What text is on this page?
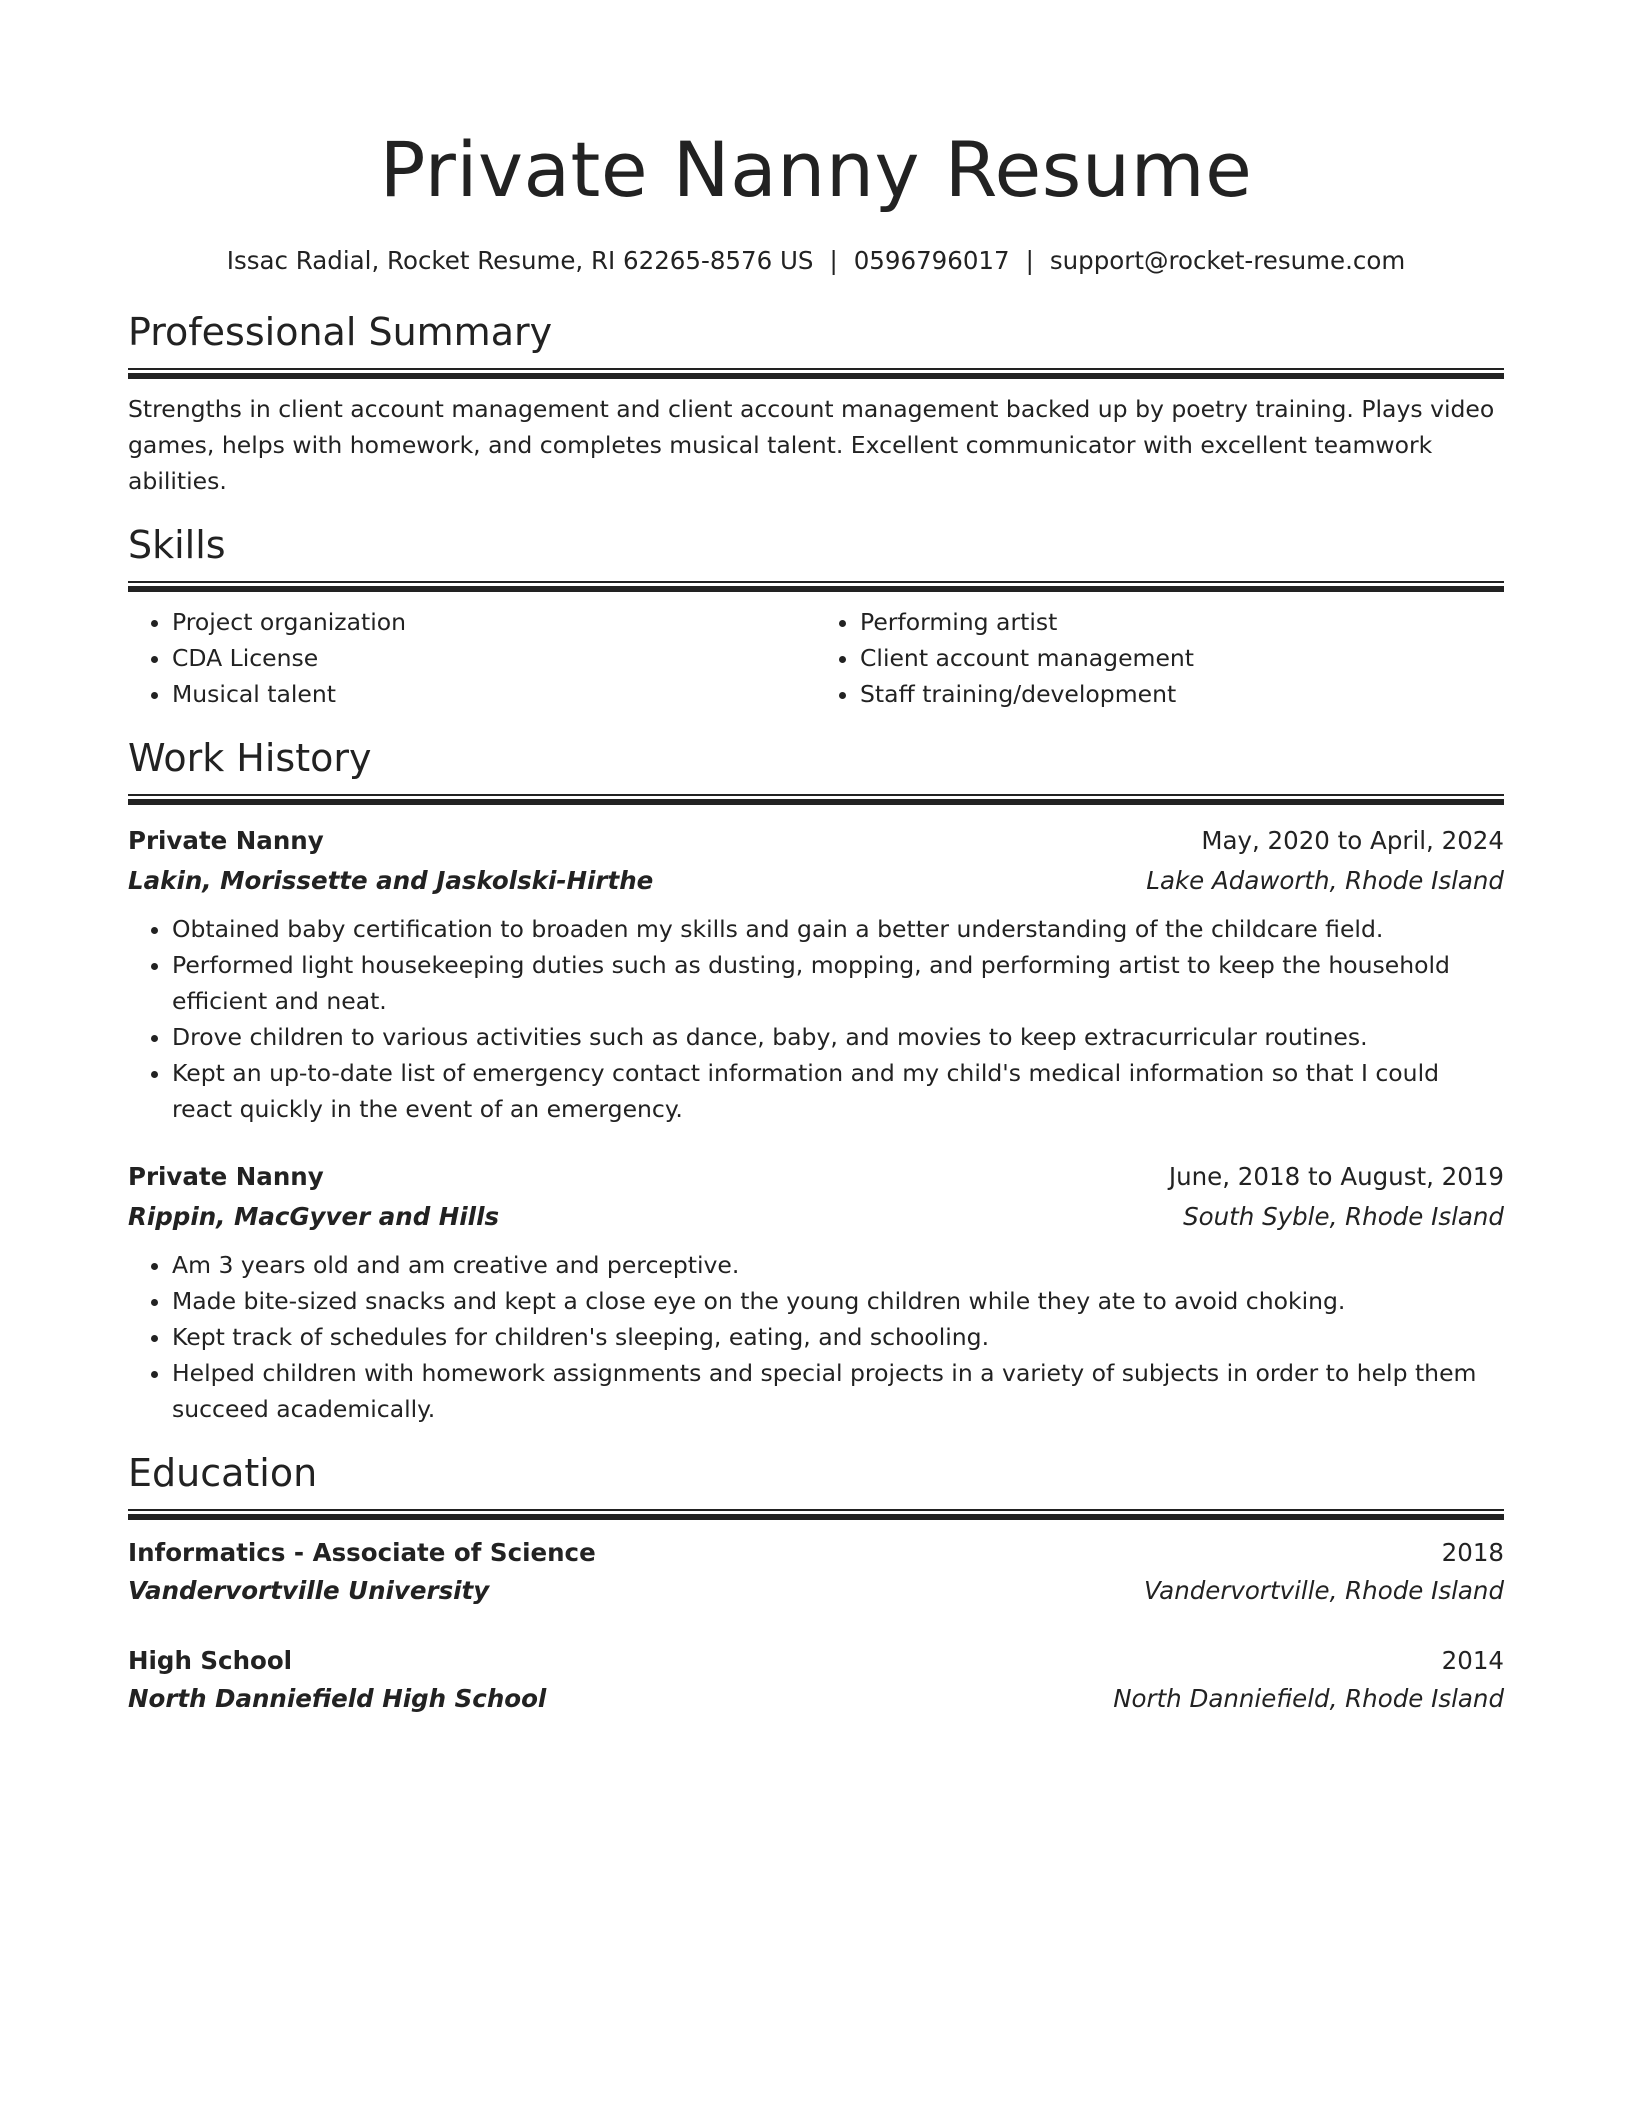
Private Nanny Resume
Issac Radial, Rocket Resume, RI 62265-8576 US | 0596796017 | support@rocket-resume.com
Professional Summary

Strengths in client account management and client account management backed up by poetry training. Plays video games, helps with homework, and completes musical talent. Excellent communicator with excellent teamwork abilities.

Skills
• Project organization
• CDA License
• Musical talent
• Performing artist
• Client account management
• Staff training/development
Work History
Private Nanny	May, 2020 to April, 2024
Lakin, Morissette and Jaskolski-Hirthe	Lake Adaworth, Rhode Island
• Obtained baby certification to broaden my skills and gain a better understanding of the childcare field.
• Performed light housekeeping duties such as dusting, mopping, and performing artist to keep the household efficient and neat.
• Drove children to various activities such as dance, baby, and movies to keep extracurricular routines.
• Kept an up-to-date list of emergency contact information and my child's medical information so that I could react quickly in the event of an emergency.
Private Nanny	June, 2018 to August, 2019
Rippin, MacGyver and Hills	South Syble, Rhode Island
• Am 3 years old and am creative and perceptive.
• Made bite-sized snacks and kept a close eye on the young children while they ate to avoid choking.
• Kept track of schedules for children's sleeping, eating, and schooling.
• Helped children with homework assignments and special projects in a variety of subjects in order to help them succeed academically.
Education
Informatics - Associate of Science	2018
Vandervortville University	Vandervortville, Rhode Island
High School	2014
North Danniefield High School	North Danniefield, Rhode Island
